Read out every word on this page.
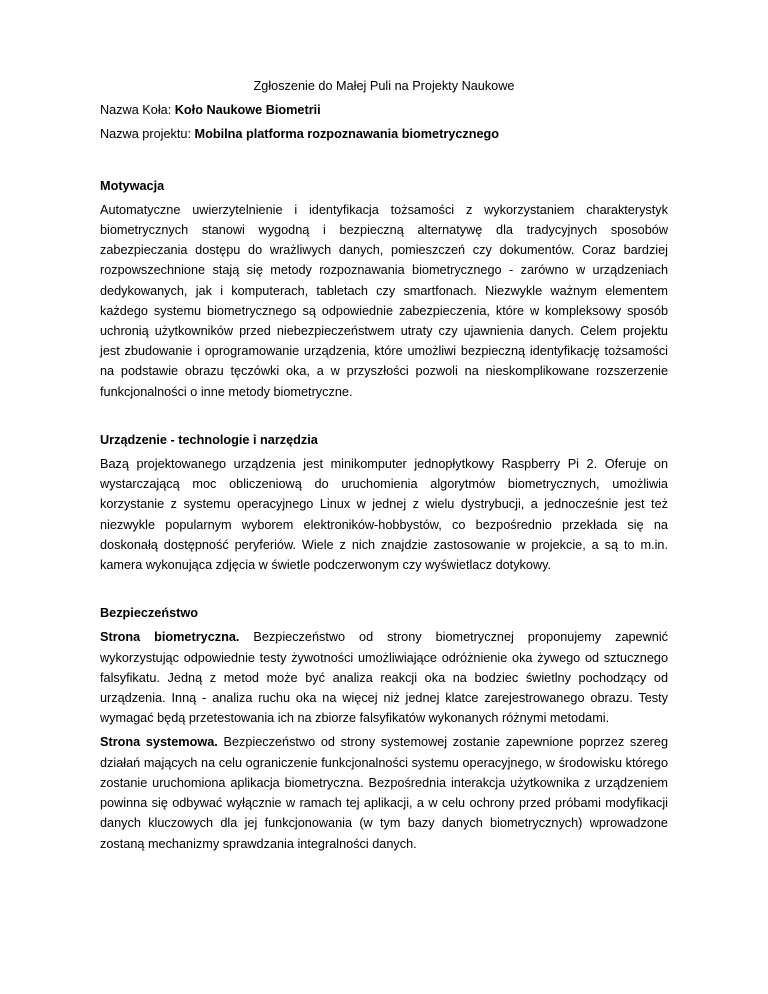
Zgłoszenie do Małej Puli na Projekty Naukowe
Nazwa Koła: Koło Naukowe Biometrii
Nazwa projektu: Mobilna platforma rozpoznawania biometrycznego
Motywacja
Automatyczne uwierzytelnienie i identyfikacja tożsamości z wykorzystaniem charakterystyk biometrycznych stanowi wygodną i bezpieczną alternatywę dla tradycyjnych sposobów zabezpieczania dostępu do wrażliwych danych, pomieszczeń czy dokumentów. Coraz bardziej rozpowszechnione stają się metody rozpoznawania biometrycznego - zarówno w urządzeniach dedykowanych, jak i komputerach, tabletach czy smartfonach. Niezwykle ważnym elementem każdego systemu biometrycznego są odpowiednie zabezpieczenia, które w kompleksowy sposób uchronią użytkowników przed niebezpieczeństwem utraty czy ujawnienia danych. Celem projektu jest zbudowanie i oprogramowanie urządzenia, które umożliwi bezpieczną identyfikację tożsamości na podstawie obrazu tęczówki oka, a w przyszłości pozwoli na nieskomplikowane rozszerzenie funkcjonalności o inne metody biometryczne.
Urządzenie - technologie i narzędzia
Bazą projektowanego urządzenia jest minikomputer jednopłytkowy Raspberry Pi 2. Oferuje on wystarczającą moc obliczeniową do uruchomienia algorytmów biometrycznych, umożliwia korzystanie z systemu operacyjnego Linux w jednej z wielu dystrybucji, a jednocześnie jest też niezwykle popularnym wyborem elektroników-hobbystów, co bezpośrednio przekłada się na doskonałą dostępność peryferiów. Wiele z nich znajdzie zastosowanie w projekcie, a są to m.in. kamera wykonująca zdjęcia w świetle podczerwonym czy wyświetlacz dotykowy.
Bezpieczeństwo
Strona biometryczna. Bezpieczeństwo od strony biometrycznej proponujemy zapewnić wykorzystując odpowiednie testy żywotności umożliwiające odróżnienie oka żywego od sztucznego falsyfikatu. Jedną z metod może być analiza reakcji oka na bodziec świetlny pochodzący od urządzenia. Inną - analiza ruchu oka na więcej niż jednej klatce zarejestrowanego obrazu. Testy wymagać będą przetestowania ich na zbiorze falsyfikatów wykonanych różnymi metodami.
Strona systemowa. Bezpieczeństwo od strony systemowej zostanie zapewnione poprzez szereg działań mających na celu ograniczenie funkcjonalności systemu operacyjnego, w środowisku którego zostanie uruchomiona aplikacja biometryczna. Bezpośrednia interakcja użytkownika z urządzeniem powinna się odbywać wyłącznie w ramach tej aplikacji, a w celu ochrony przed próbami modyfikacji danych kluczowych dla jej funkcjonowania (w tym bazy danych biometrycznych) wprowadzone zostaną mechanizmy sprawdzania integralności danych.
